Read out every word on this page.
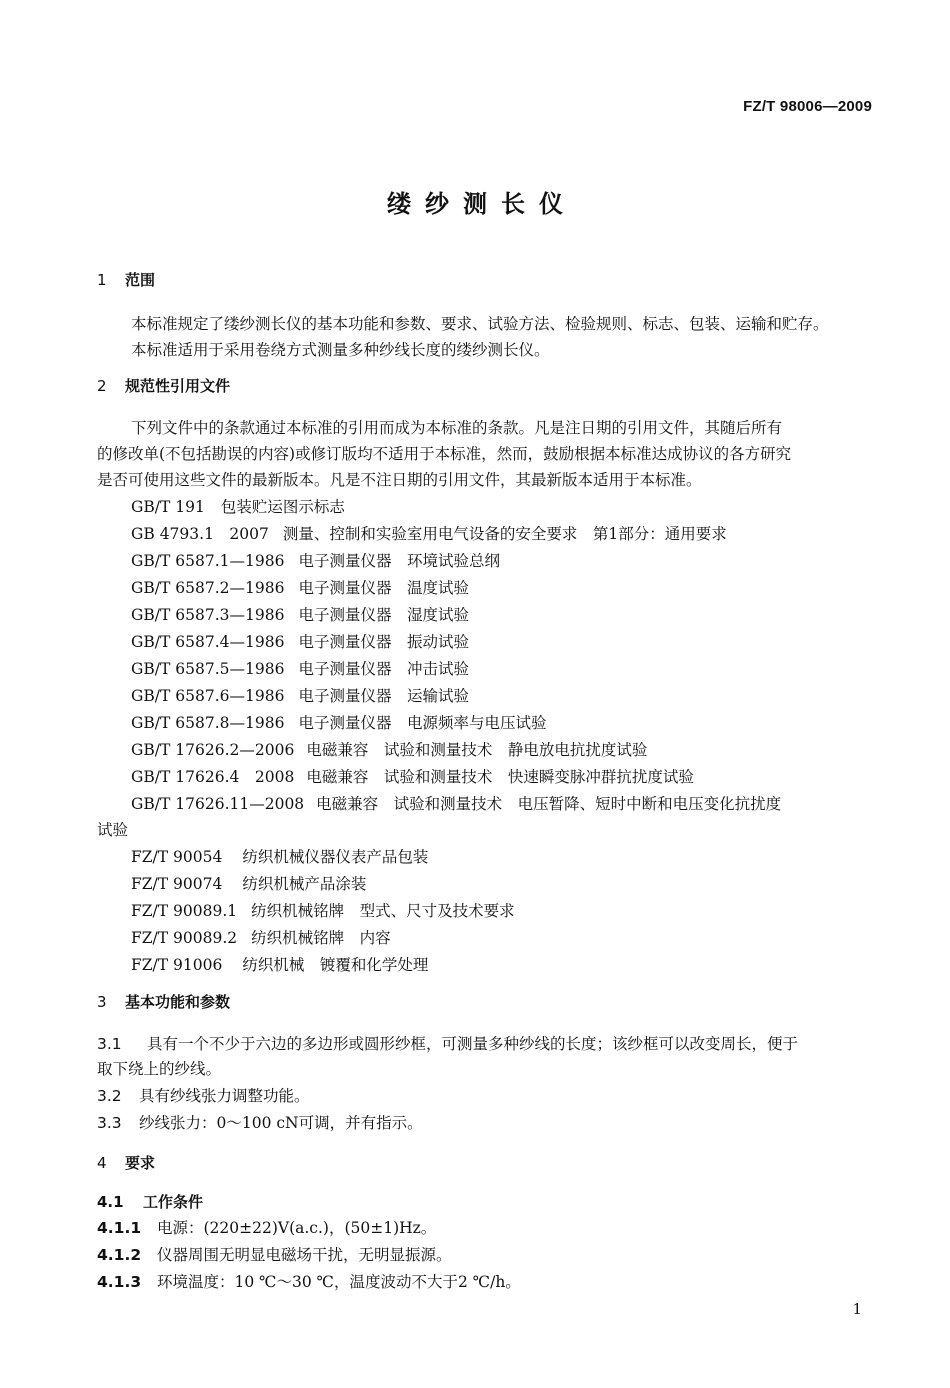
FZ/T 98006—2009
缕纱测长仪
1 范围
本标准规定了缕纱测长仪的基本功能和参数、要求、试验方法、检验规则、标志、包装、运输和贮存。
本标准适用于采用卷绕方式测量多种纱线长度的缕纱测长仪。
2 规范性引用文件
下列文件中的条款通过本标准的引用而成为本标准的条款。凡是注日期的引用文件，其随后所有
的修改单(不包括勘误的内容)或修订版均不适用于本标准，然而，鼓励根据本标准达成协议的各方研究
是否可使用这些文件的最新版本。凡是不注日期的引用文件，其最新版本适用于本标准。
GB/T 191 包装贮运图示标志
GB 4793.1　2007 测量、控制和实验室用电气设备的安全要求　第1部分：通用要求
GB/T 6587.1—1986 电子测量仪器　环境试验总纲
GB/T 6587.2—1986 电子测量仪器　温度试验
GB/T 6587.3—1986 电子测量仪器　湿度试验
GB/T 6587.4—1986 电子测量仪器　振动试验
GB/T 6587.5—1986 电子测量仪器　冲击试验
GB/T 6587.6—1986 电子测量仪器　运输试验
GB/T 6587.8—1986 电子测量仪器　电源频率与电压试验
GB/T 17626.2—2006 电磁兼容　试验和测量技术　静电放电抗扰度试验
GB/T 17626.4　2008 电磁兼容　试验和测量技术　快速瞬变脉冲群抗扰度试验
GB/T 17626.11—2008 电磁兼容　试验和测量技术　电压暂降、短时中断和电压变化抗扰度
试验
FZ/T 90054 纺织机械仪器仪表产品包装
FZ/T 90074 纺织机械产品涂装
FZ/T 90089.1 纺织机械铭牌　型式、尺寸及技术要求
FZ/T 90089.2 纺织机械铭牌　内容
FZ/T 91006 纺织机械　镀覆和化学处理
3 基本功能和参数
3.1 具有一个不少于六边的多边形或圆形纱框，可测量多种纱线的长度；该纱框可以改变周长，便于
取下绕上的纱线。
3.2 具有纱线张力调整功能。
3.3 纱线张力：0～100 cN可调，并有指示。
4 要求
4.1 工作条件
4.1.1 电源：(220±22)V(a.c.)，(50±1)Hz。
4.1.2 仪器周围无明显电磁场干扰，无明显振源。
4.1.3 环境温度：10 ℃～30 ℃，温度波动不大于2 ℃/h。
1
